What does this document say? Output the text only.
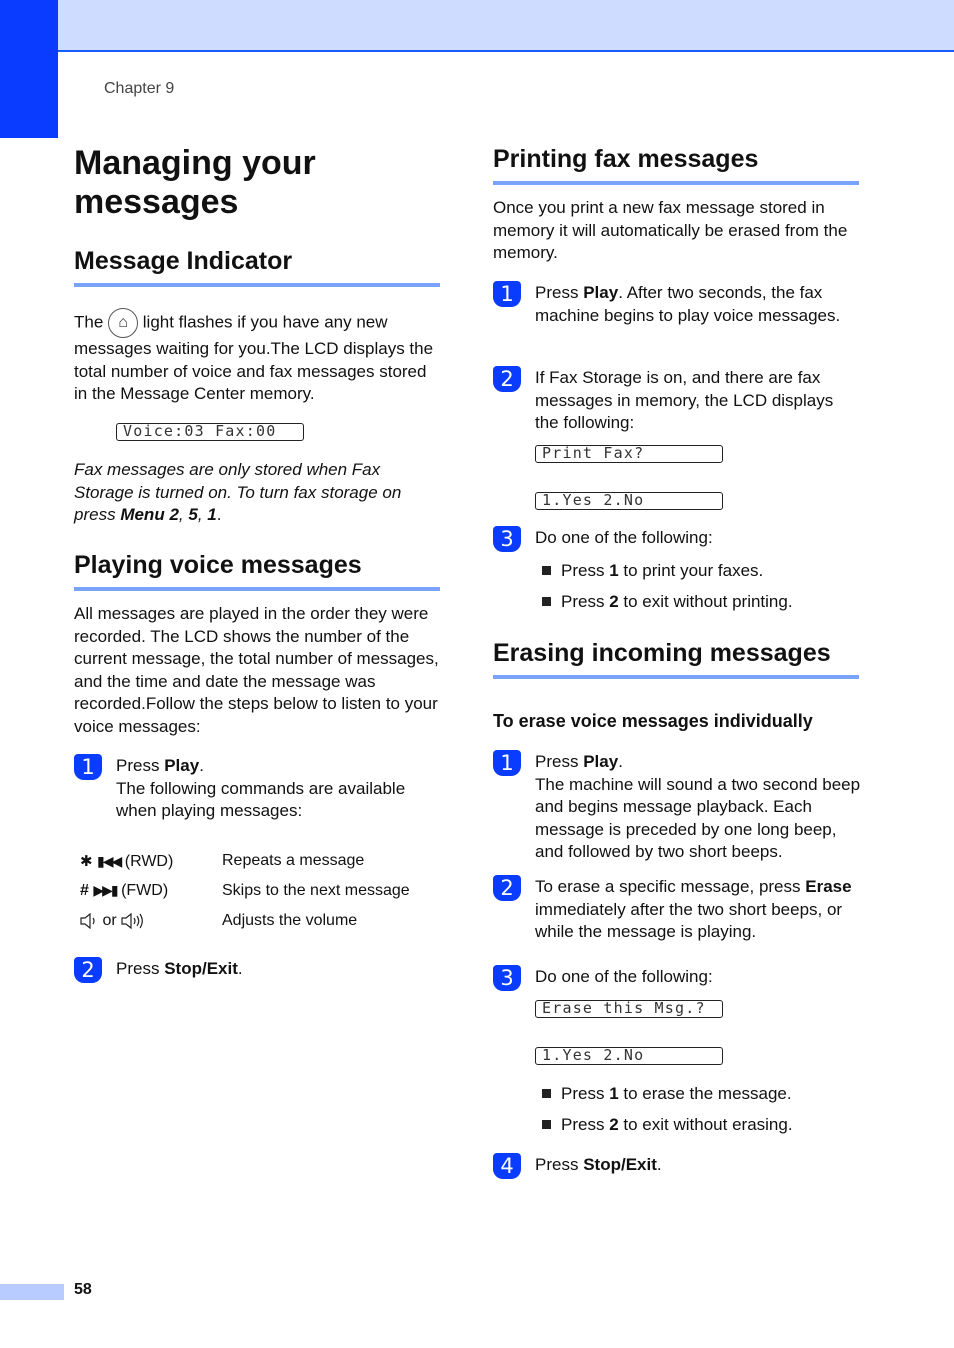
Chapter 9
Managing your
messages
Message Indicator

The ⌂ light flashes if you have any new messages waiting for you.The LCD displays the total number of voice and fax messages stored in the Message Center memory.

Voice:03 Fax:00

Fax messages are only stored when Fax Storage is turned on. To turn fax storage on press Menu 2, 5, 1.

Playing voice messages

All messages are played in the order they were recorded. The LCD shows the number of the current message, the total number of messages, and the time and date the message was recorded.Follow the steps below to listen to your voice messages:

1	Press Play.
The following commands are available when playing messages:
✱ ▮◀◀ (RWD)	Repeats a message
# ▶▶▮ (FWD)	Skips to the next message
or	Adjusts the volume
2	Press Stop/Exit.
Printing fax messages

Once you print a new fax message stored in memory it will automatically be erased from the memory.

1	Press Play. After two seconds, the fax machine begins to play voice messages.
2	If Fax Storage is on, and there are fax messages in memory, the LCD displays the following:
Print Fax?
1.Yes 2.No
3	Do one of the following:
Press 1 to print your faxes.
Press 2 to exit without printing.
Erasing incoming messages
To erase voice messages individually
1	Press Play.
The machine will sound a two second beep and begins message playback. Each message is preceded by one long beep, and followed by two short beeps.
2	To erase a specific message, press Erase immediately after the two short beeps, or while the message is playing.
3	Do one of the following:
Erase this Msg.?
1.Yes 2.No
Press 1 to erase the message.
Press 2 to exit without erasing.
4	Press Stop/Exit.
58
